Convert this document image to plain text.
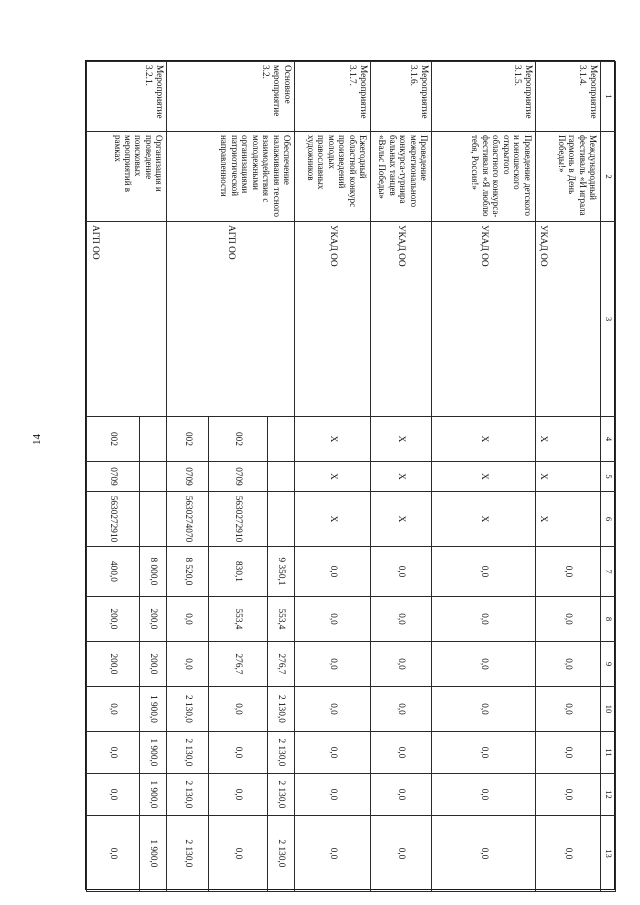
14
1	2	3	4	5	6	7	8	9	10	11	12	13
Мероприятие 3.1.4.	Международный фестиваль «И играла гармонь в День Победы!»	УКАД ОО	X	X	X	0,0	0,0	0,0	0,0	0,0	0,0	0,0
Мероприятие 3.1.5.	Проведение детского и юношеского открытого областного конкурса-фестиваля «Я люблю тебя, Россия!»	УКАД ОО	X	X	X	0,0	0,0	0,0	0,0	0,0	0,0	0,0
Мероприятие 3.1.6.	Проведение межрегионального конкурса-турнира бальных танцев «Вальс Победы»	УКАД ОО	X	X	X	0,0	0,0	0,0	0,0	0,0	0,0	0,0
Мероприятие 3.1.7.	Ежегодный областной конкурс произведений молодых православных художников	УКАД ОО	X	X	X	0,0	0,0	0,0	0,0	0,0	0,0	0,0
Основное мероприятие 3.2.	Обеспечение налаживания тесного взаимодействия с молодежными организациями патриотической направленности	АГП ОО				9 350,1	553,4	276,7	2 130,0	2 130,0	2 130,0	2 130,0
			002	0709	5630272910	830,1	553,4	276,7	0,0	0,0	0,0	0,0
			002	0709	5630274070	8 520,0	0,0	0,0	2 130,0	2 130,0	2 130,0	2 130,0
Мероприятие 3.2.1.	Организация и проведение поисковых мероприятий в рамках	АГП ОО				8 000,0	200,0	200,0	1 900,0	1 900,0	1 900,0	1 900,0
			002	0709	5630272910	400,0	200,0	200,0	0,0	0,0	0,0	0,0
